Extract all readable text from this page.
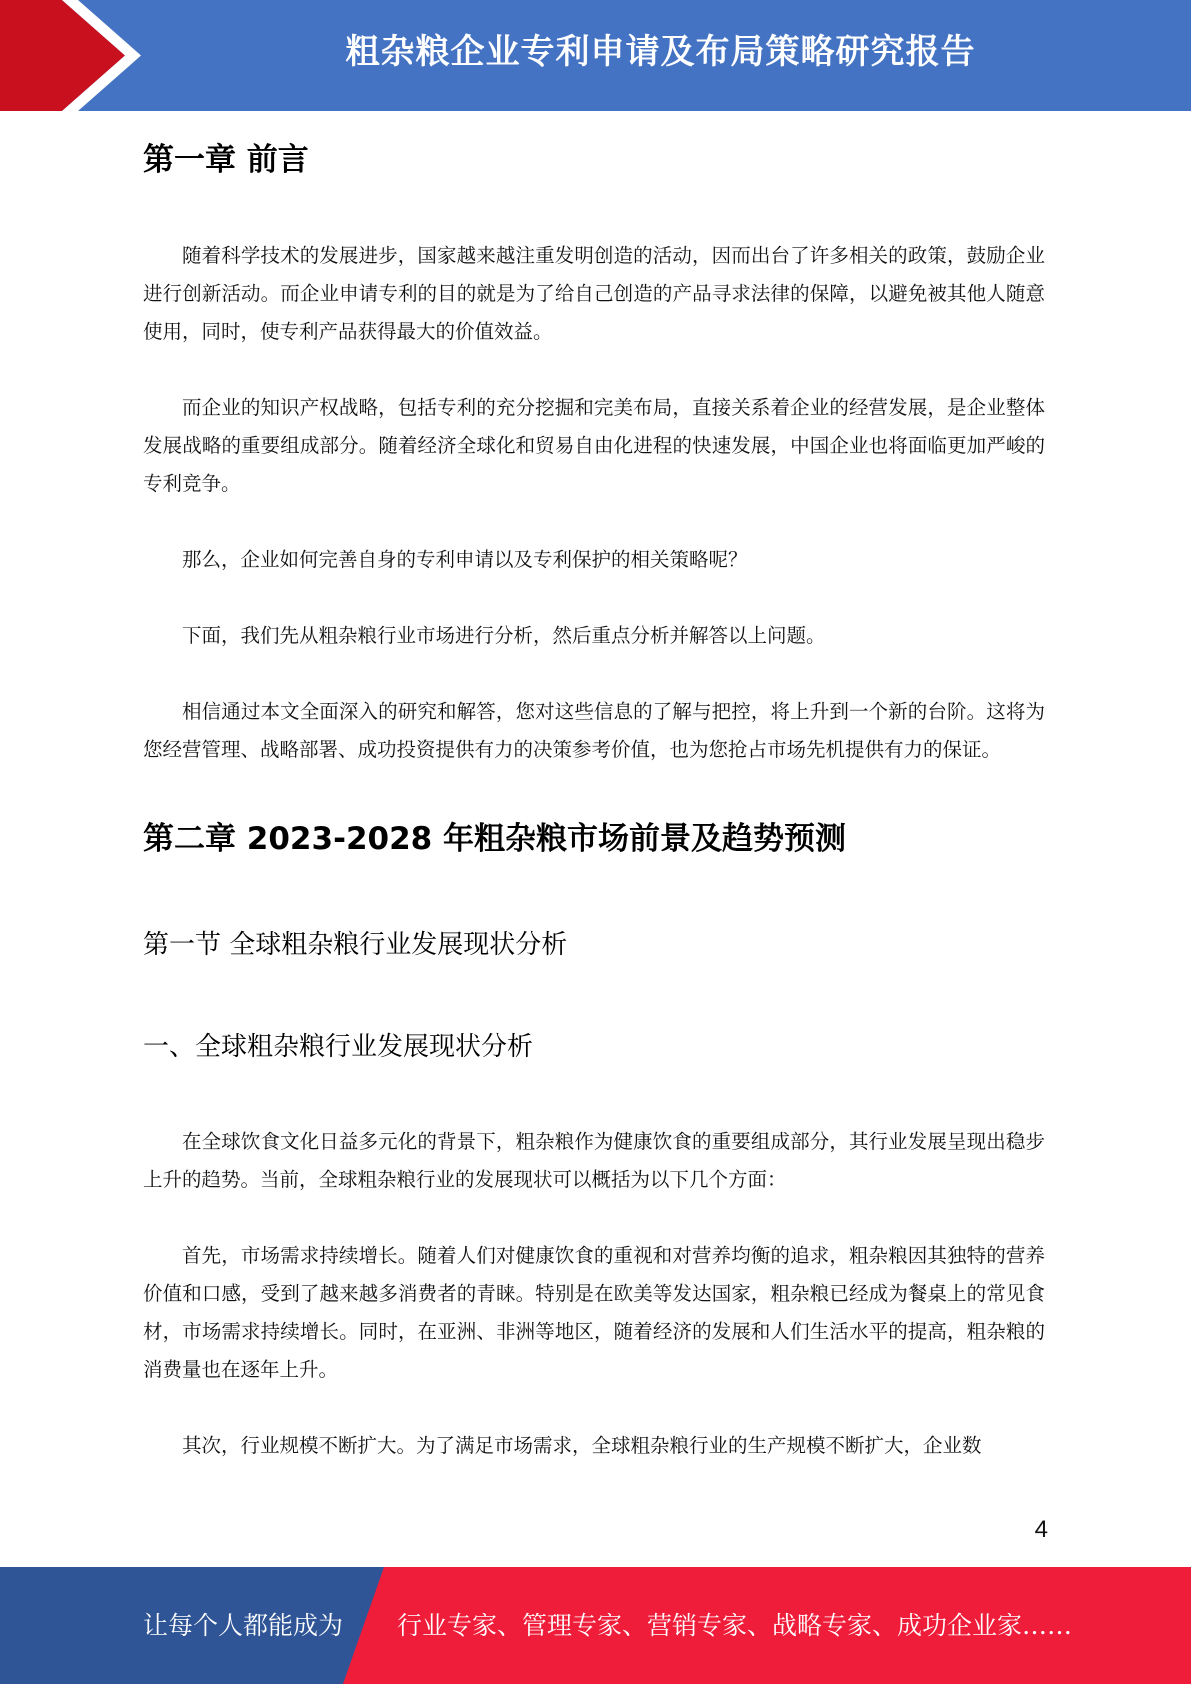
粗杂粮企业专利申请及布局策略研究报告
第一章 前言

随着科学技术的发展进步，国家越来越注重发明创造的活动，因而出台了许多相关的政策，鼓励企业进行创新活动。而企业申请专利的目的就是为了给自己创造的产品寻求法律的保障，以避免被其他人随意使用，同时，使专利产品获得最大的价值效益。

而企业的知识产权战略，包括专利的充分挖掘和完美布局，直接关系着企业的经营发展，是企业整体发展战略的重要组成部分。随着经济全球化和贸易自由化进程的快速发展，中国企业也将面临更加严峻的专利竞争。

那么，企业如何完善自身的专利申请以及专利保护的相关策略呢？

下面，我们先从粗杂粮行业市场进行分析，然后重点分析并解答以上问题。

相信通过本文全面深入的研究和解答，您对这些信息的了解与把控，将上升到一个新的台阶。这将为您经营管理、战略部署、成功投资提供有力的决策参考价值，也为您抢占市场先机提供有力的保证。

第二章 2023-2028 年粗杂粮市场前景及趋势预测
第一节 全球粗杂粮行业发展现状分析
一、全球粗杂粮行业发展现状分析

在全球饮食文化日益多元化的背景下，粗杂粮作为健康饮食的重要组成部分，其行业发展呈现出稳步上升的趋势。当前，全球粗杂粮行业的发展现状可以概括为以下几个方面：

首先，市场需求持续增长。随着人们对健康饮食的重视和对营养均衡的追求，粗杂粮因其独特的营养价值和口感，受到了越来越多消费者的青睐。特别是在欧美等发达国家，粗杂粮已经成为餐桌上的常见食材，市场需求持续增长。同时，在亚洲、非洲等地区，随着经济的发展和人们生活水平的提高，粗杂粮的消费量也在逐年上升。

其次，行业规模不断扩大。为了满足市场需求，全球粗杂粮行业的生产规模不断扩大，企业数

4
让每个人都能成为 行业专家、管理专家、营销专家、战略专家、成功企业家……
